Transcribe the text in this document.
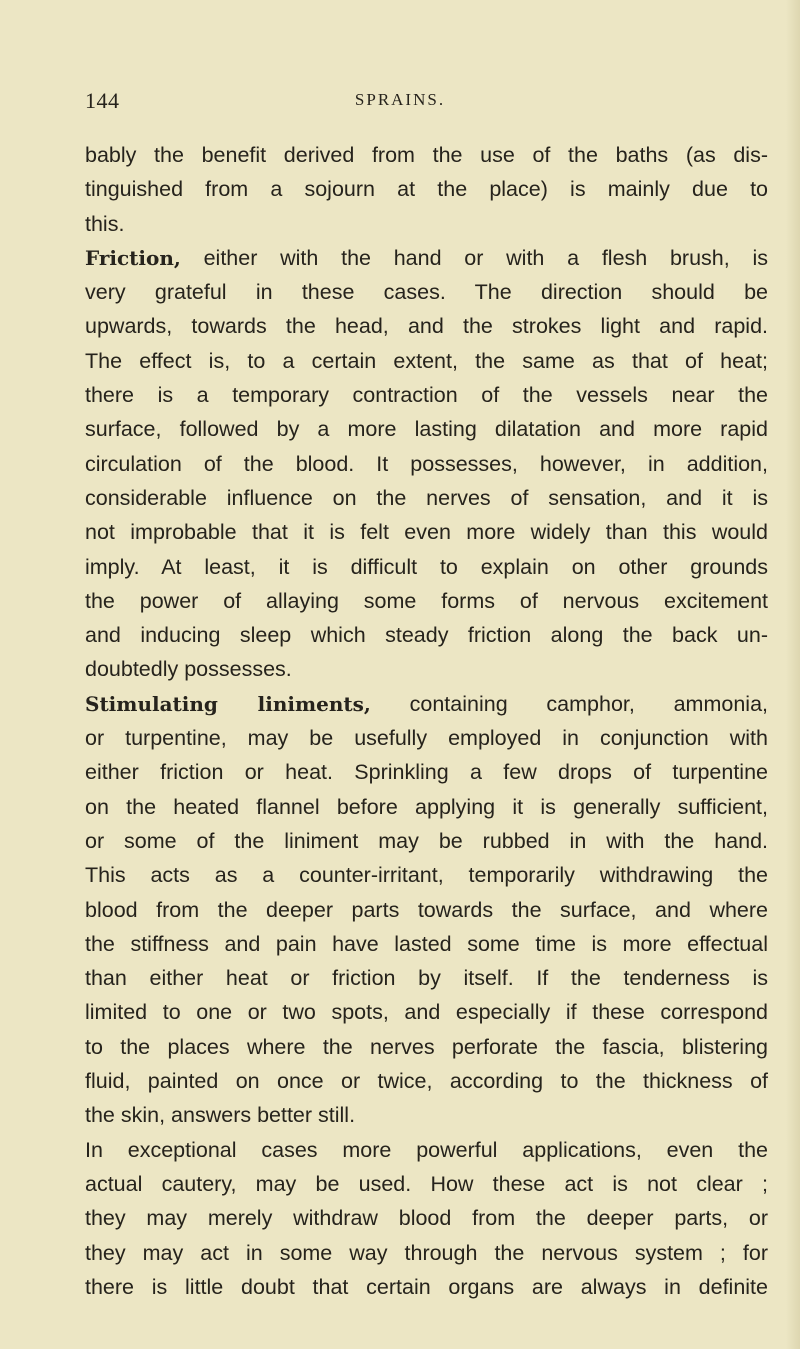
144	SPRAINS.
bably the benefit derived from the use of the baths (as dis-
tinguished from a sojourn at the place) is mainly due to
this.
Friction, either with the hand or with a flesh brush, is
very grateful in these cases. The direction should be
upwards, towards the head, and the strokes light and rapid.
The effect is, to a certain extent, the same as that of heat;
there is a temporary contraction of the vessels near the
surface, followed by a more lasting dilatation and more rapid
circulation of the blood. It possesses, however, in addition,
considerable influence on the nerves of sensation, and it is
not improbable that it is felt even more widely than this would
imply. At least, it is difficult to explain on other grounds
the power of allaying some forms of nervous excitement
and inducing sleep which steady friction along the back un-
doubtedly possesses.
Stimulating liniments, containing camphor, ammonia,
or turpentine, may be usefully employed in conjunction with
either friction or heat. Sprinkling a few drops of turpentine
on the heated flannel before applying it is generally sufficient,
or some of the liniment may be rubbed in with the hand.
This acts as a counter-irritant, temporarily withdrawing the
blood from the deeper parts towards the surface, and where
the stiffness and pain have lasted some time is more effectual
than either heat or friction by itself. If the tenderness is
limited to one or two spots, and especially if these correspond
to the places where the nerves perforate the fascia, blistering
fluid, painted on once or twice, according to the thickness of
the skin, answers better still.
In exceptional cases more powerful applications, even the
actual cautery, may be used. How these act is not clear ;
they may merely withdraw blood from the deeper parts, or
they may act in some way through the nervous system ; for
there is little doubt that certain organs are always in definite
